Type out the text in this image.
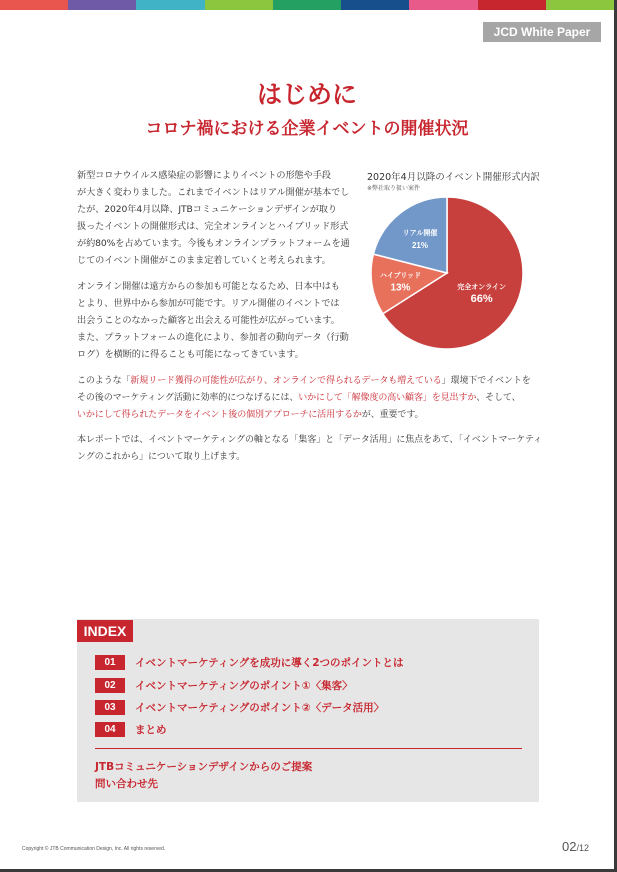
JCD White Paper
はじめに
コロナ禍における企業イベントの開催状況

新型コロナウイルス感染症の影響によりイベントの形態や手段
が大きく変わりました。これまでイベントはリアル開催が基本でし
たが、2020年4月以降、JTBコミュニケーションデザインが取り
扱ったイベントの開催形式は、完全オンラインとハイブリッド形式
が約80%を占めています。今後もオンラインプラットフォームを通
じてのイベント開催がこのまま定着していくと考えられます。

オンライン開催は遠方からの参加も可能となるため、日本中はも
とより、世界中から参加が可能です。リアル開催のイベントでは
出会うことのなかった顧客と出会える可能性が広がっています。
また、プラットフォームの進化により、参加者の動向データ（行動
ログ）を横断的に得ることも可能になってきています。

2020年4月以降のイベント開催形式内訳
※弊社取り扱い案件
完全オンライン
66%
ハイブリッド
13%
リアル開催
21%

このような「新規リード獲得の可能性が広がり、オンラインで得られるデータも増えている」環境下でイベントを
その後のマーケティング活動に効率的につなげるには、いかにして「解像度の高い顧客」を見出すか、そして、
いかにして得られたデータをイベント後の個別アプローチに活用するかが、重要です。

本レポートでは、イベントマーケティングの軸となる「集客」と「データ活用」に焦点をあて、「イベントマーケティ
ングのこれから」について取り上げます。

INDEX
01	イベントマーケティングを成功に導く2つのポイントとは
02	イベントマーケティングのポイント①〈集客〉
03	イベントマーケティングのポイント②〈データ活用〉
04	まとめ
JTBコミュニケーションデザインからのご提案
問い合わせ先
Copyright © JTB Communication Design, Inc. All rights reserved.	02/12
